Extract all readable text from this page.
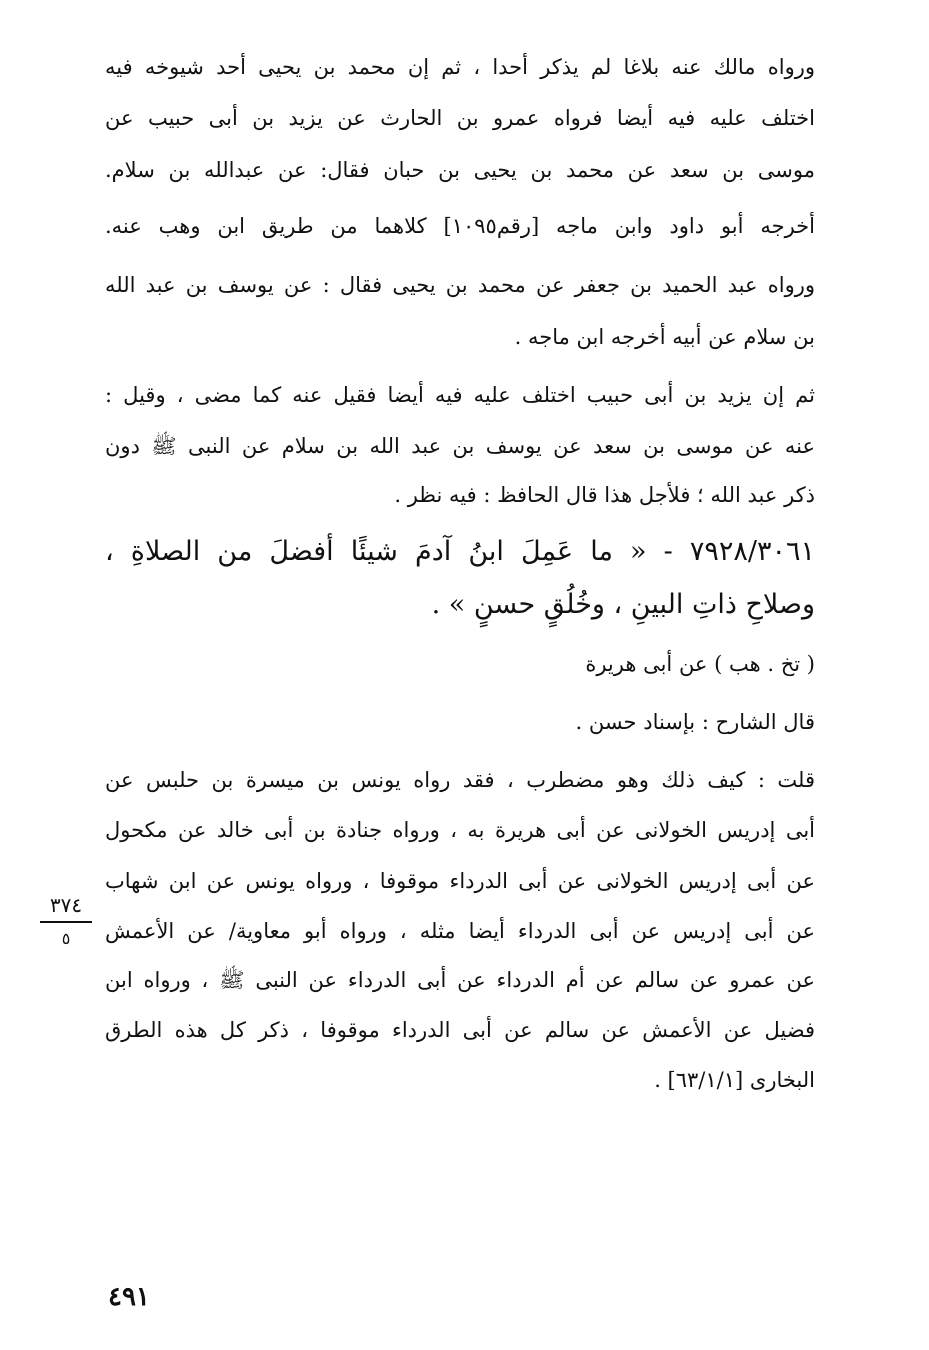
ورواه مالك عنه بلاغا لم يذكر أحدا ، ثم إن محمد بن يحيى أحد شيوخه فيه
اختلف عليه فيه أيضا فرواه عمرو بن الحارث عن يزيد بن أبى حبيب عن
موسى بن سعد عن محمد بن يحيى بن حبان فقال: عن عبدالله بن سلام.
أخرجه أبو داود وابن ماجه [رقم١٠٩٥] كلاهما من طريق ابن وهب عنه.
ورواه عبد الحميد بن جعفر عن محمد بن يحيى فقال : عن يوسف بن عبد الله
بن سلام عن أبيه أخرجه ابن ماجه .
ثم إن يزيد بن أبى حبيب اختلف عليه فيه أيضا فقيل عنه كما مضى ، وقيل :
عنه عن موسى بن سعد عن يوسف بن عبد الله بن سلام عن النبى ﷺ دون
ذكر عبد الله ؛ فلأجل هذا قال الحافظ : فيه نظر .
٧٩٢٨/٣٠٦١ - « ما عَمِلَ ابنُ آدمَ شيئًا أفضلَ من الصلاةِ ،
وصلاحِ ذاتِ البينِ ، وخُلُقٍ حسنٍ » .
( تخ . هب ) عن أبى هريرة
قال الشارح : بإسناد حسن .
قلت : كيف ذلك وهو مضطرب ، فقد رواه يونس بن ميسرة بن حلبس عن
أبى إدريس الخولانى عن أبى هريرة به ، ورواه جنادة بن أبى خالد عن مكحول
عن أبى إدريس الخولانى عن أبى الدرداء موقوفا ، ورواه يونس عن ابن شهاب
عن أبى إدريس عن أبى الدرداء أيضا مثله ، ورواه أبو معاوية/ عن الأعمش
عن عمرو عن سالم عن أم الدرداء عن أبى الدرداء عن النبى ﷺ ، ورواه ابن
فضيل عن الأعمش عن سالم عن أبى الدرداء موقوفا ، ذكر كل هذه الطرق
البخارى [٦٣/١/١] .
٣٧٤
٥
٤٩١
